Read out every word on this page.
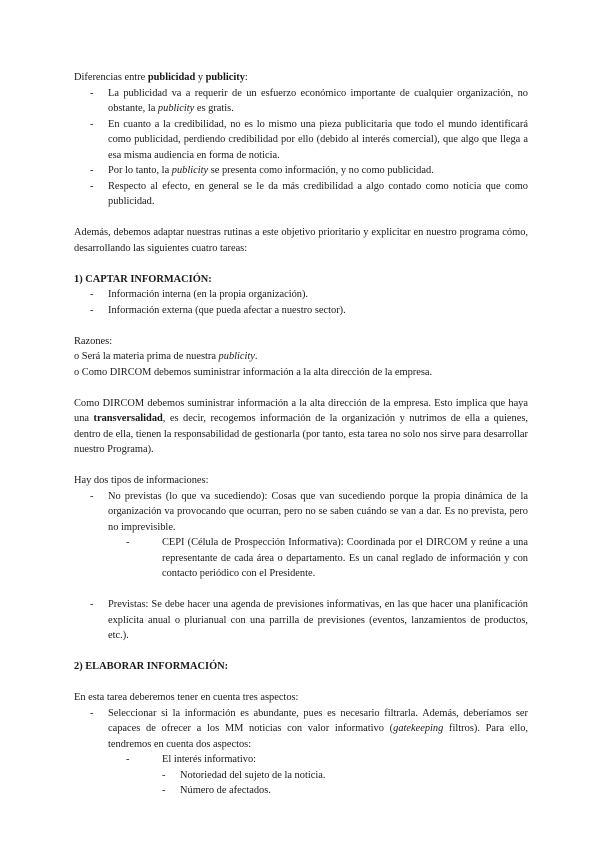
Diferencias entre publicidad y publicity:

- La publicidad va a requerir de un esfuerzo económico importante de cualquier organización, no obstante, la publicity es gratis.
- En cuanto a la credibilidad, no es lo mismo una pieza publicitaria que todo el mundo identificará como publicidad, perdiendo credibilidad por ello (debido al interés comercial), que algo que llega a esa misma audiencia en forma de noticia.
- Por lo tanto, la publicity se presenta como información, y no como publicidad.
- Respecto al efecto, en general se le da más credibilidad a algo contado como noticia que como publicidad.

Además, debemos adaptar nuestras rutinas a este objetivo prioritario y explicitar en nuestro programa cómo, desarrollando las siguientes cuatro tareas:

1) CAPTAR INFORMACIÓN:

- Información interna (en la propia organización).
- Información externa (que pueda afectar a nuestro sector).

Razones:

o Será la materia prima de nuestra publicity.

o Como DIRCOM debemos suministrar información a la alta dirección de la empresa.

Como DIRCOM debemos suministrar información a la alta dirección de la empresa. Esto implica que haya una transversalidad, es decir, recogemos información de la organización y nutrimos de ella a quienes, dentro de ella, tienen la responsabilidad de gestionarla (por tanto, esta tarea no solo nos sirve para desarrollar nuestro Programa).

Hay dos tipos de informaciones:

- No previstas (lo que va sucediendo): Cosas que van sucediendo porque la propia dinámica de la organización va provocando que ocurran, pero no se saben cuándo se van a dar. Es no prevista, pero no imprevisible.
-	CEPI (Célula de Prospección Informativa): Coordinada por el DIRCOM y reúne a una representante de cada área o departamento. Es un canal reglado de información y con contacto periódico con el Presidente.
- Previstas: Se debe hacer una agenda de previsiones informativas, en las que hacer una planificación explícita anual o plurianual con una parrilla de previsiones (eventos, lanzamientos de productos, etc.).

2) ELABORAR INFORMACIÓN:

En esta tarea deberemos tener en cuenta tres aspectos:

- Seleccionar si la información es abundante, pues es necesario filtrarla. Además, deberíamos ser capaces de ofrecer a los MM noticias con valor informativo (gatekeeping filtros). Para ello, tendremos en cuenta dos aspectos:
-	El interés informativo:
- Notoriedad del sujeto de la noticia.
- Número de afectados.
